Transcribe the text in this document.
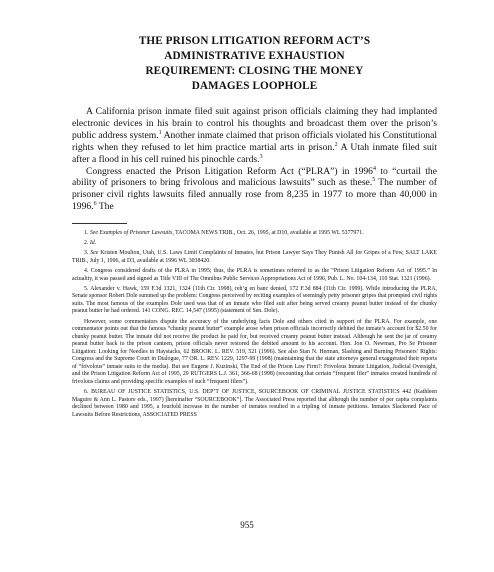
THE PRISON LITIGATION REFORM ACT’S
ADMINISTRATIVE EXHAUSTION
REQUIREMENT: CLOSING THE MONEY
DAMAGES LOOPHOLE

A California prison inmate filed suit against prison officials claiming they had implanted electronic devices in his brain to control his thoughts and broadcast them over the prison’s public address system.$^1$ Another inmate claimed that prison officials violated his Constitutional rights when they refused to let him practice martial arts in prison.$^2$ A Utah inmate filed suit after a flood in his cell ruined his pinochle cards.$^3$

Congress enacted the Prison Litigation Reform Act (“PLRA”) in 1996$^4$ to “curtail the ability of prisoners to bring frivolous and malicious lawsuits” such as these.$^5$ The number of prisoner civil rights lawsuits filed annually rose from 8,235 in 1977 to more than 40,000 in 1996.$^6$ The

1. See Examples of Prisoner Lawsuits, TACOMA NEWS TRIB., Oct. 26, 1995, at D10, available at 1995 WL 5377971.

2. Id.

3. See Kristen Moulton, Utah, U.S. Laws Limit Complaints of Inmates, but Prison Lawyer Says They Punish All for Gripes of a Few, SALT LAKE TRIB., July 1, 1996, at D3, available at 1996 WL 3038420.

4. Congress considered drafts of the PLRA in 1995; thus, the PLRA is sometimes referred to as the “Prison Litigation Reform Act of 1995.” In actuality, it was passed and signed as Title VIII of The Omnibus Public Services Appropriations Act of 1996, Pub. L. No. 104-134, 110 Stat. 1321 (1996).

5. Alexander v. Hawk, 159 F.3d 1321, 1324 (11th Cir. 1998), reh’g en banc denied, 172 F.3d 884 (11th Cir. 1999). While introducing the PLRA, Senate sponsor Robert Dole summed up the problem: Congress perceived by reciting examples of seemingly petty prisoner gripes that prompted civil rights suits. The most famous of the examples Dole used was that of an inmate who filed suit after being served creamy peanut butter instead of the chunky peanut butter he had ordered. 141 CONG. REC. 14,547 (1995) (statement of Sen. Dole).

However, some commentators dispute the accuracy of the underlying facts Dole and others cited in support of the PLRA. For example, one commentator points out that the famous “chunky peanut butter” example arose when prison officials incorrectly debited the inmate’s account for $2.50 for chunky peanut butter. The inmate did not receive the product he paid for, but received creamy peanut butter instead. Although he sent the jar of creamy peanut butter back to the prison canteen, prison officials never restored the debited amount to his account. Hon. Jon O. Newman, Pro Se Prisoner Litigation: Looking for Needles in Haystacks, 62 BROOK. L. REV. 519, 521 (1996). See also Stan N. Herman, Slashing and Burning Prisoners’ Rights: Congress and the Supreme Court in Dialogue, 77 OR. L. REV. 1229, 1297-99 (1998) (maintaining that the state attorneys general exaggerated their reports of “frivolous” inmate suits to the media). But see Eugene J. Kuzinski, The End of the Prison Law Firm?: Frivolous Inmate Litigation, Judicial Oversight, and the Prison Litigation Reform Act of 1995, 29 RUTGERS L.J. 361, 366-68 (1998) (recounting that certain “frequent filer” inmates created hundreds of frivolous claims and providing specific examples of such “frequent filers”).

6. BUREAU OF JUSTICE STATISTICS, U.S. DEP’T OF JUSTICE, SOURCEBOOK OF CRIMINAL JUSTICE STATISTICS 442 (Kathleen Maguire & Ann L. Pastore eds., 1997) [hereinafter “SOURCEBOOK”]. The Associated Press reported that although the number of per capita complaints declined between 1980 and 1995, a fourfold increase in the number of inmates resulted in a tripling of inmate petitions. Inmates Slackened Pace of Lawsuits Before Restrictions, ASSOCIATED PRESS

955
